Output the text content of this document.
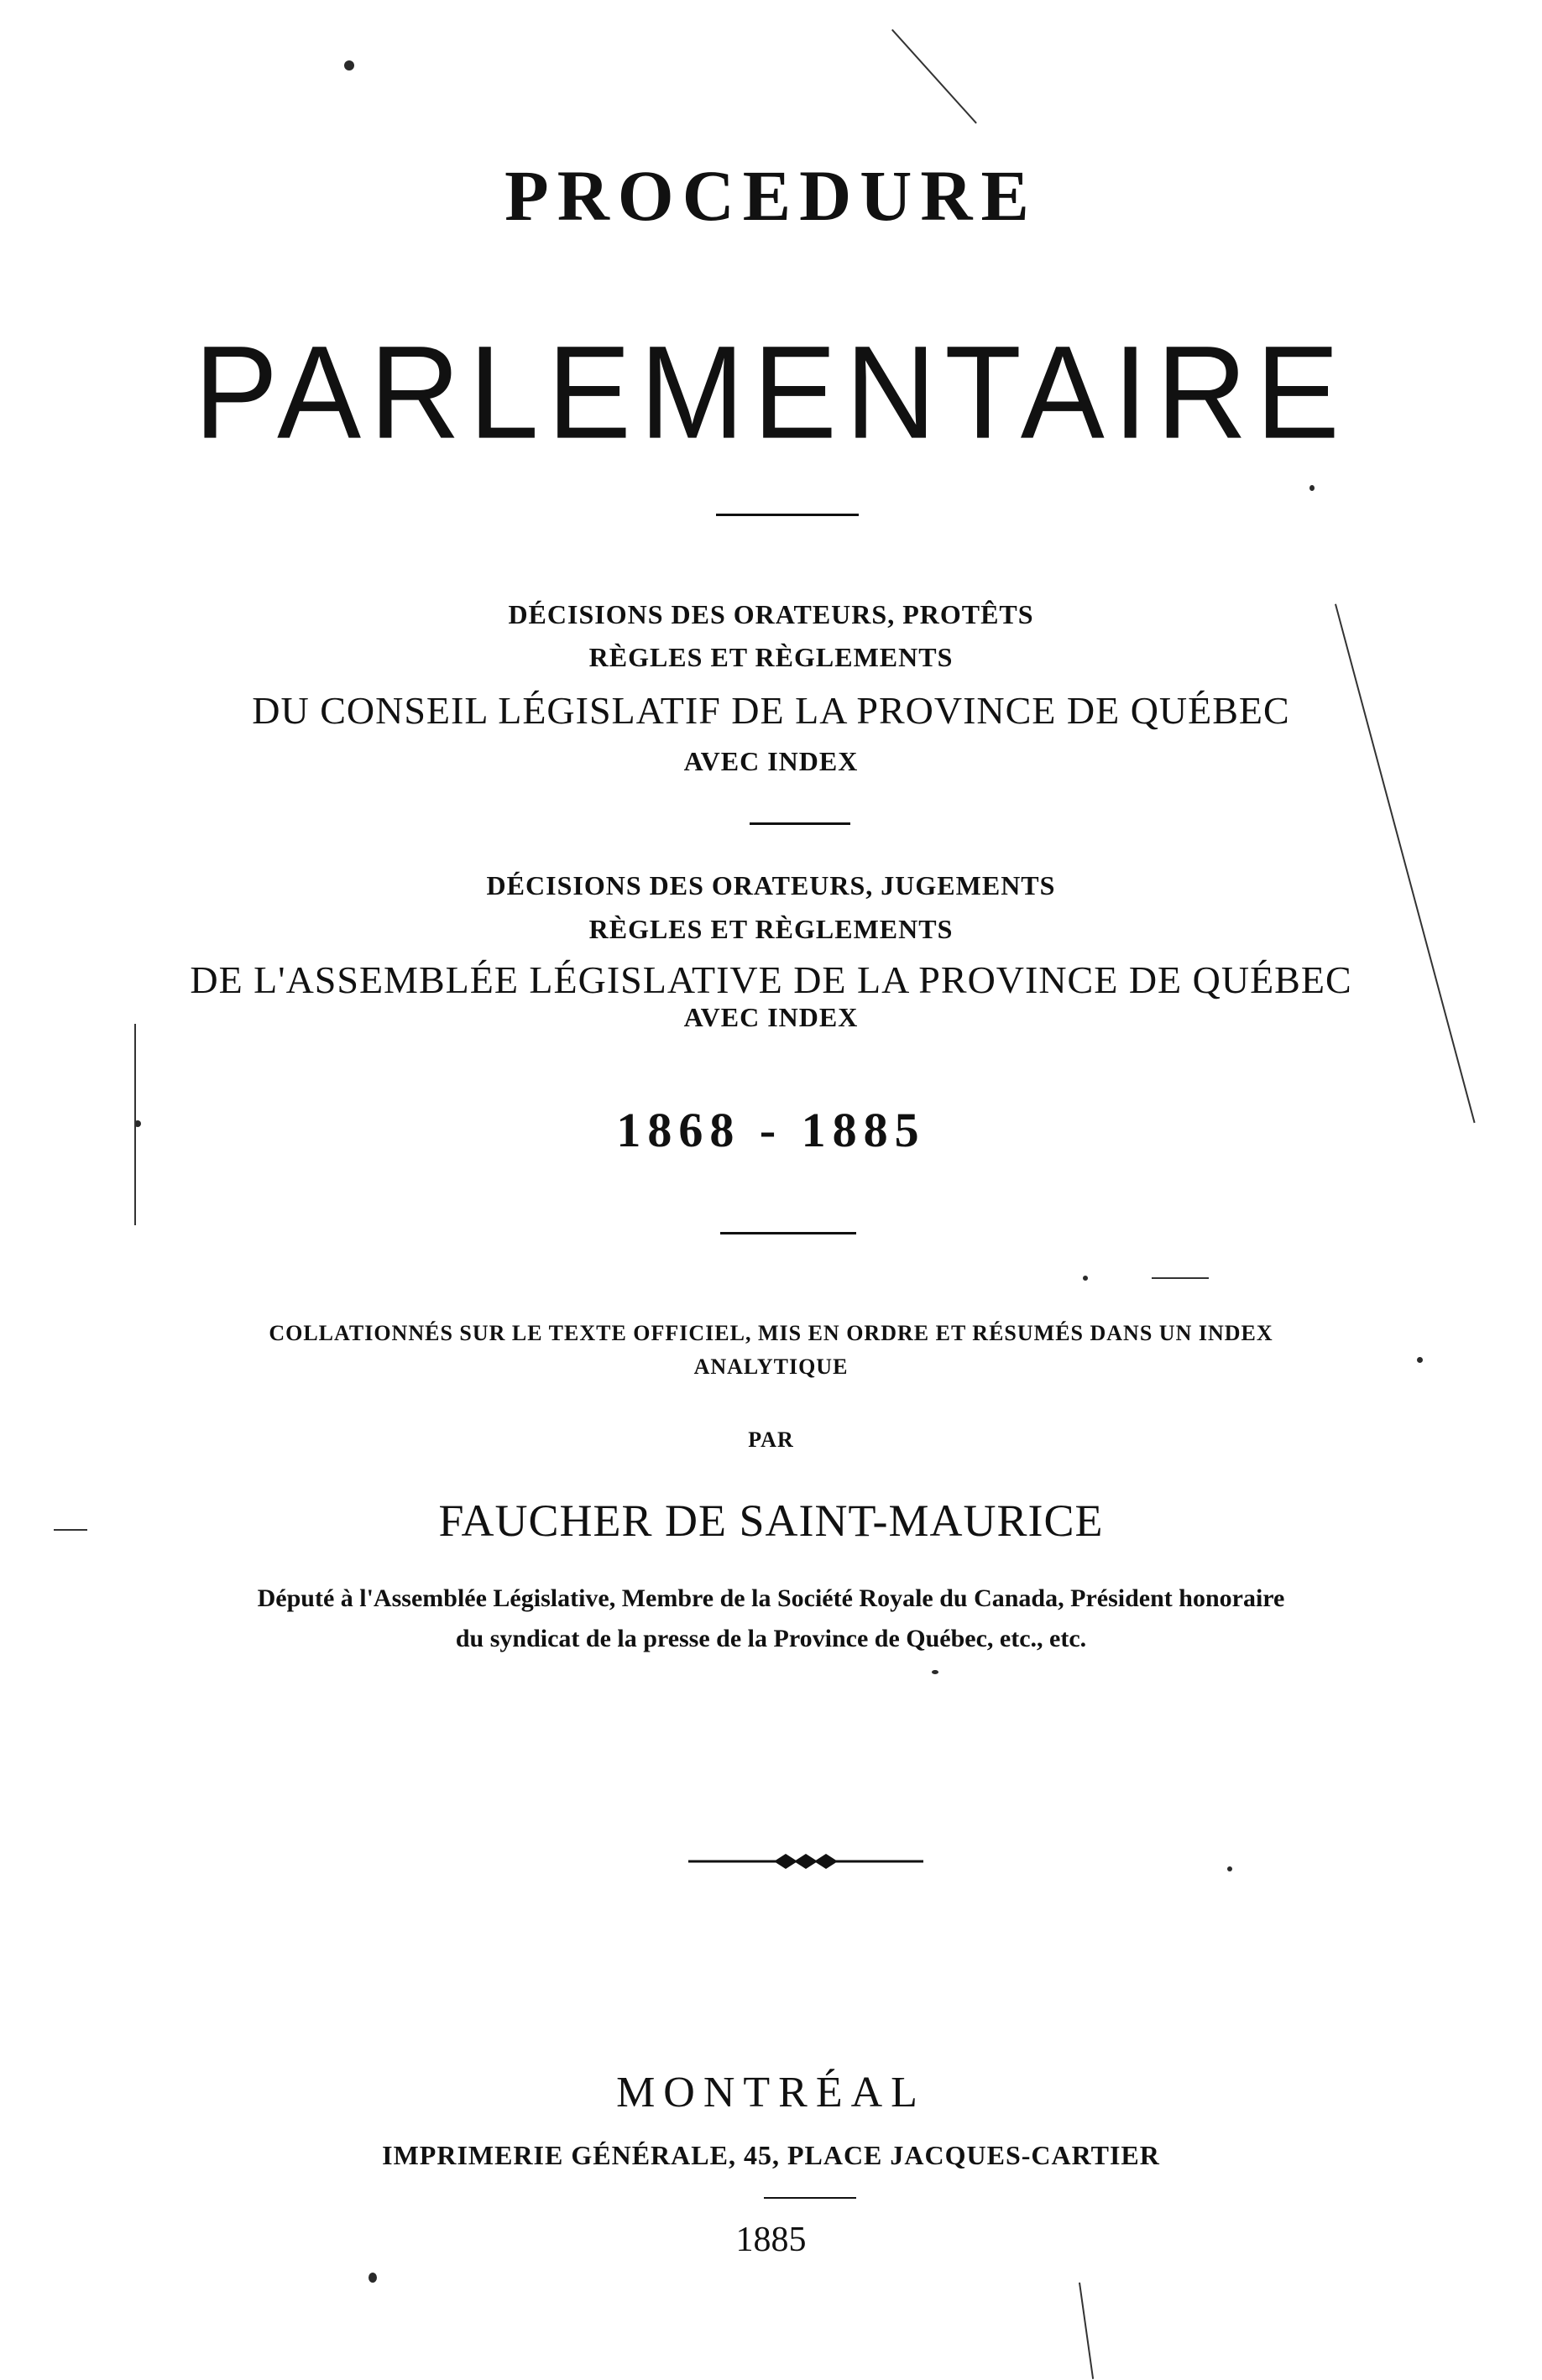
PROCEDURE
PARLEMENTAIRE
DÉCISIONS DES ORATEURS, PROTÊTS
RÈGLES ET RÈGLEMENTS
DU CONSEIL LÉGISLATIF DE LA PROVINCE DE QUÉBEC
AVEC INDEX
DÉCISIONS DES ORATEURS, JUGEMENTS
RÈGLES ET RÈGLEMENTS
DE L'ASSEMBLÉE LÉGISLATIVE DE LA PROVINCE DE QUÉBEC
AVEC INDEX
1868 - 1885
COLLATIONNÉS SUR LE TEXTE OFFICIEL, MIS EN ORDRE ET RÉSUMÉS DANS UN INDEX
ANALYTIQUE
PAR
FAUCHER DE SAINT-MAURICE
Député à l'Assemblée Législative, Membre de la Société Royale du Canada, Président honoraire
du syndicat de la presse de la Province de Québec, etc., etc.
MONTRÉAL
IMPRIMERIE GÉNÉRALE, 45, PLACE JACQUES-CARTIER
1885
